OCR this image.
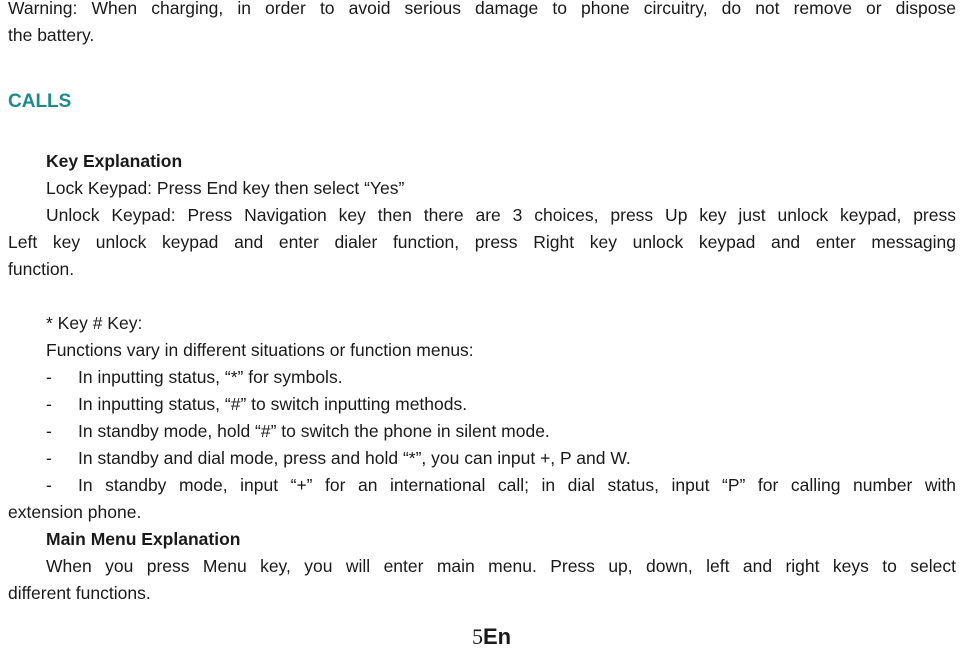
Warning: When charging, in order to avoid serious damage to phone circuitry, do not remove or dispose
the battery.
CALLS
Key Explanation
Lock Keypad: Press End key then select “Yes”
Unlock Keypad: Press Navigation key then there are 3 choices, press Up key just unlock keypad, press
Left key unlock keypad and enter dialer function, press Right key unlock keypad and enter messaging
function.
* Key # Key:
Functions vary in different situations or function menus:
- In inputting status, “*” for symbols.
- In inputting status, “#” to switch inputting methods.
- In standby mode, hold “#” to switch the phone in silent mode.
- In standby and dial mode, press and hold “*”, you can input +, P and W.
-	In standby mode, input “+” for an international call; in dial status, input “P” for calling number with
extension phone.
Main Menu Explanation
When you press Menu key, you will enter main menu. Press up, down, left and right keys to select
different functions.
5En
